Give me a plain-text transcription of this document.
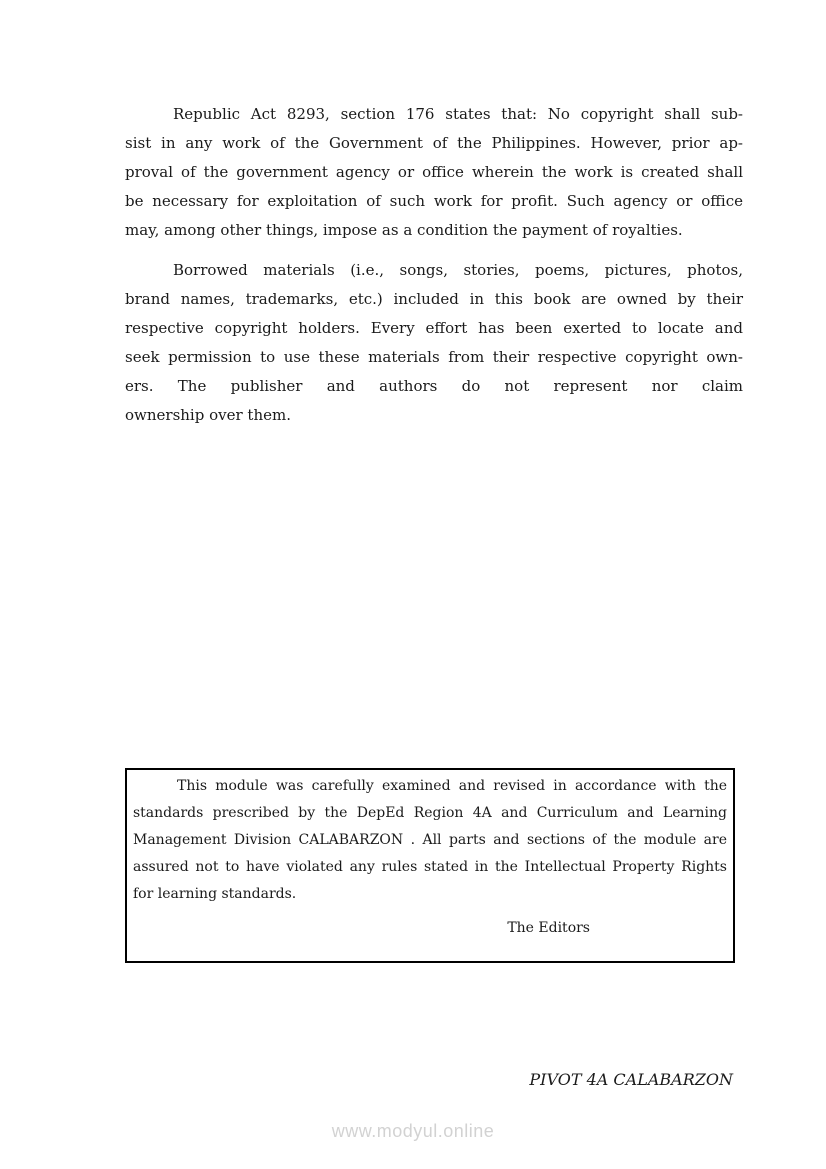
Republic Act 8293, section 176 states that: No copyright shall sub-
sist in any work of the Government of the Philippines. However, prior ap-
proval of the government agency or office wherein the work is created shall
be necessary for exploitation of such work for profit. Such agency or office
may, among other things, impose as a condition the payment of royalties.
Borrowed materials (i.e., songs, stories, poems, pictures, photos,
brand names, trademarks, etc.) included in this book are owned by their
respective copyright holders. Every effort has been exerted to locate and
seek permission to use these materials from their respective copyright own-
ers. The publisher and authors do not represent nor claim
ownership over them.
This module was carefully examined and revised in accordance with the
standards prescribed by the DepEd Region 4A and Curriculum and Learning
Management Division CALABARZON . All parts and sections of the module are
assured not to have violated any rules stated in the Intellectual Property Rights
for learning standards.
The Editors
PIVOT 4A CALABARZON
www.modyul.online
